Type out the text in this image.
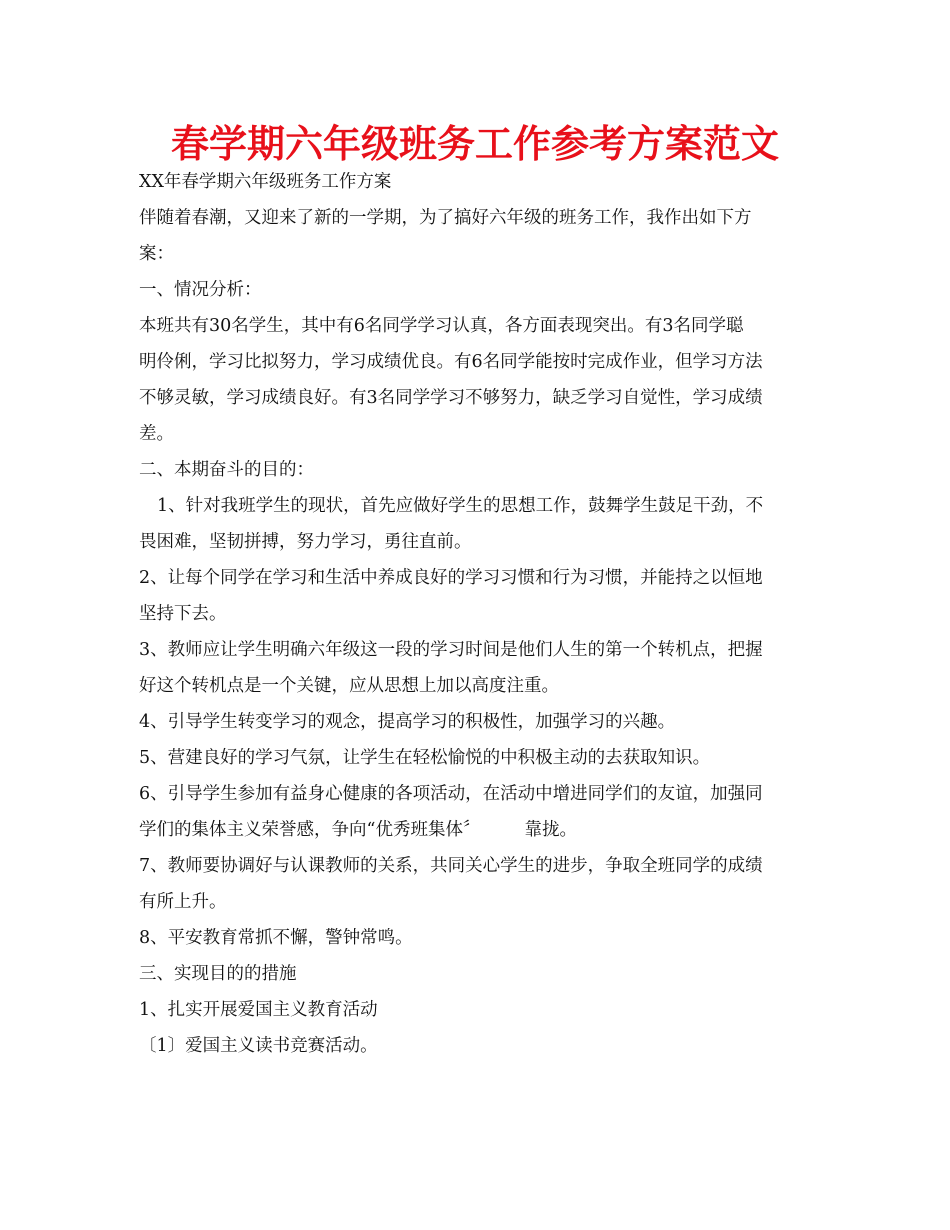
春学期六年级班务工作参考方案范文

XX年春学期六年级班务工作方案

伴随着春潮，又迎来了新的一学期，为了搞好六年级的班务工作，我作出如下方

案：

一、情况分析：

本班共有30名学生，其中有6名同学学习认真，各方面表现突出。有3名同学聪

明伶俐，学习比拟努力，学习成绩优良。有6名同学能按时完成作业，但学习方法

不够灵敏，学习成绩良好。有3名同学学习不够努力，缺乏学习自觉性，学习成绩

差。

二、本期奋斗的目的：

1、针对我班学生的现状，首先应做好学生的思想工作，鼓舞学生鼓足干劲，不

畏困难，坚韧拼搏，努力学习，勇往直前。

2、让每个同学在学习和生活中养成良好的学习习惯和行为习惯，并能持之以恒地

坚持下去。

3、教师应让学生明确六年级这一段的学习时间是他们人生的第一个转机点，把握

好这个转机点是一个关键，应从思想上加以高度注重。

4、引导学生转变学习的观念，提高学习的积极性，加强学习的兴趣。

5、营建良好的学习气氛，让学生在轻松愉悦的中积极主动的去获取知识。

6、引导学生参加有益身心健康的各项活动，在活动中增进同学们的友谊，加强同

学们的集体主义荣誉感，争向“优秀班集体〞	靠拢。

7、教师要协调好与认课教师的关系，共同关心学生的进步，争取全班同学的成绩

有所上升。

8、平安教育常抓不懈，警钟常鸣。

三、实现目的的措施

1、扎实开展爱国主义教育活动

〔1〕爱国主义读书竞赛活动。
